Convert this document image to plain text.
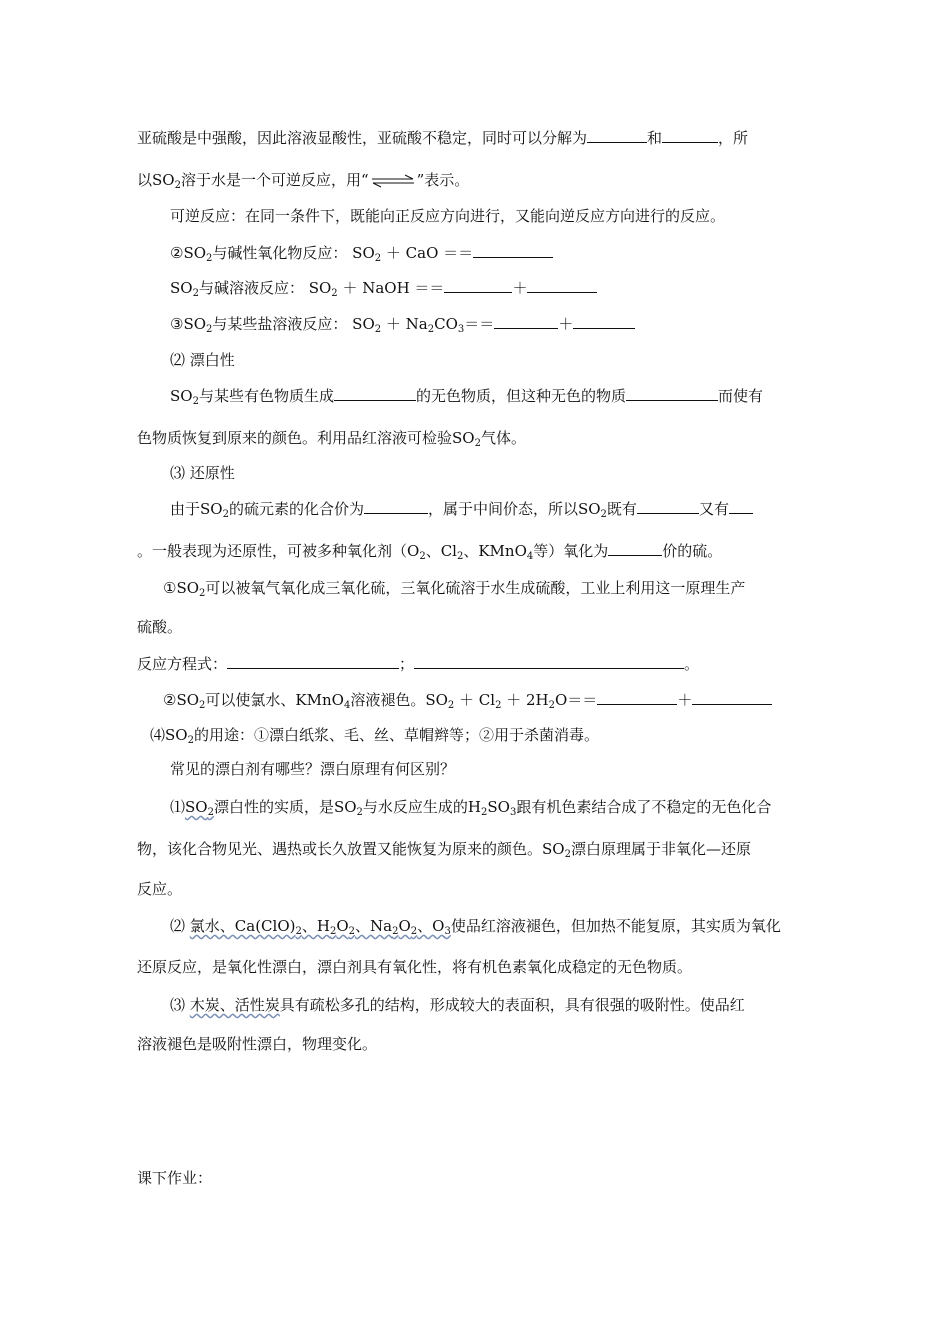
亚硫酸是中强酸，因此溶液显酸性，亚硫酸不稳定，同时可以分解为	和	，所
以$SO_2$溶于水是一个可逆反应，用“⇌”表示。
可逆反应：在同一条件下，既能向正反应方向进行，又能向逆反应方向进行的反应。
$②SO_2$与碱性氧化物反应： $SO_2$ ＋ CaO ＝＝
$SO_2$与碱溶液反应： $SO_2$ ＋ NaOH ＝＝	＋
$③SO_2$与某些盐溶液反应： $SO_2 + Na_2CO_3==$	＋
⑵ 漂白性
$SO_2$与某些有色物质生成	的无色物质，但这种无色的物质	而使有
色物质恢复到原来的颜色。利用品红溶液可检验$SO_2$气体。
⑶ 还原性
由于$SO_2$的硫元素的化合价为	，属于中间价态，所以$SO_2$既有	又有
。一般表现为还原性，可被多种氧化剂（$O_2$、$Cl_2$、KMnO$_4$等）氧化为	价的硫。
$①SO_2$可以被氧气氧化成三氧化硫，三氧化硫溶于水生成硫酸，工业上利用这一原理生产
硫酸。
反应方程式：	；	。
$②SO_2$可以使氯水、KMnO$_4$溶液褪色。$SO_2 + Cl_2 + 2H_2O==$	＋
$⑷SO_2$的用途：①漂白纸浆、毛、丝、草帽辫等；②用于杀菌消毒。
常见的漂白剂有哪些？漂白原理有何区别？
$⑴SO_2$漂白性的实质，是$SO_2$与水反应生成的$H_2SO_3$跟有机色素结合成了不稳定的无色化合
物，该化合物见光、遇热或长久放置又能恢复为原来的颜色。$SO_2$漂白原理属于非氧化—还原
反应。
⑵ 氯水、$Ca(ClO)_2$、$H_2O_2$、$Na_2O_2$、$O_3$使品红溶液褪色，但加热不能复原，其实质为氧化
还原反应，是氧化性漂白，漂白剂具有氧化性，将有机色素氧化成稳定的无色物质。
⑶ 木炭、活性炭具有疏松多孔的结构，形成较大的表面积，具有很强的吸附性。使品红
溶液褪色是吸附性漂白，物理变化。
课下作业：
